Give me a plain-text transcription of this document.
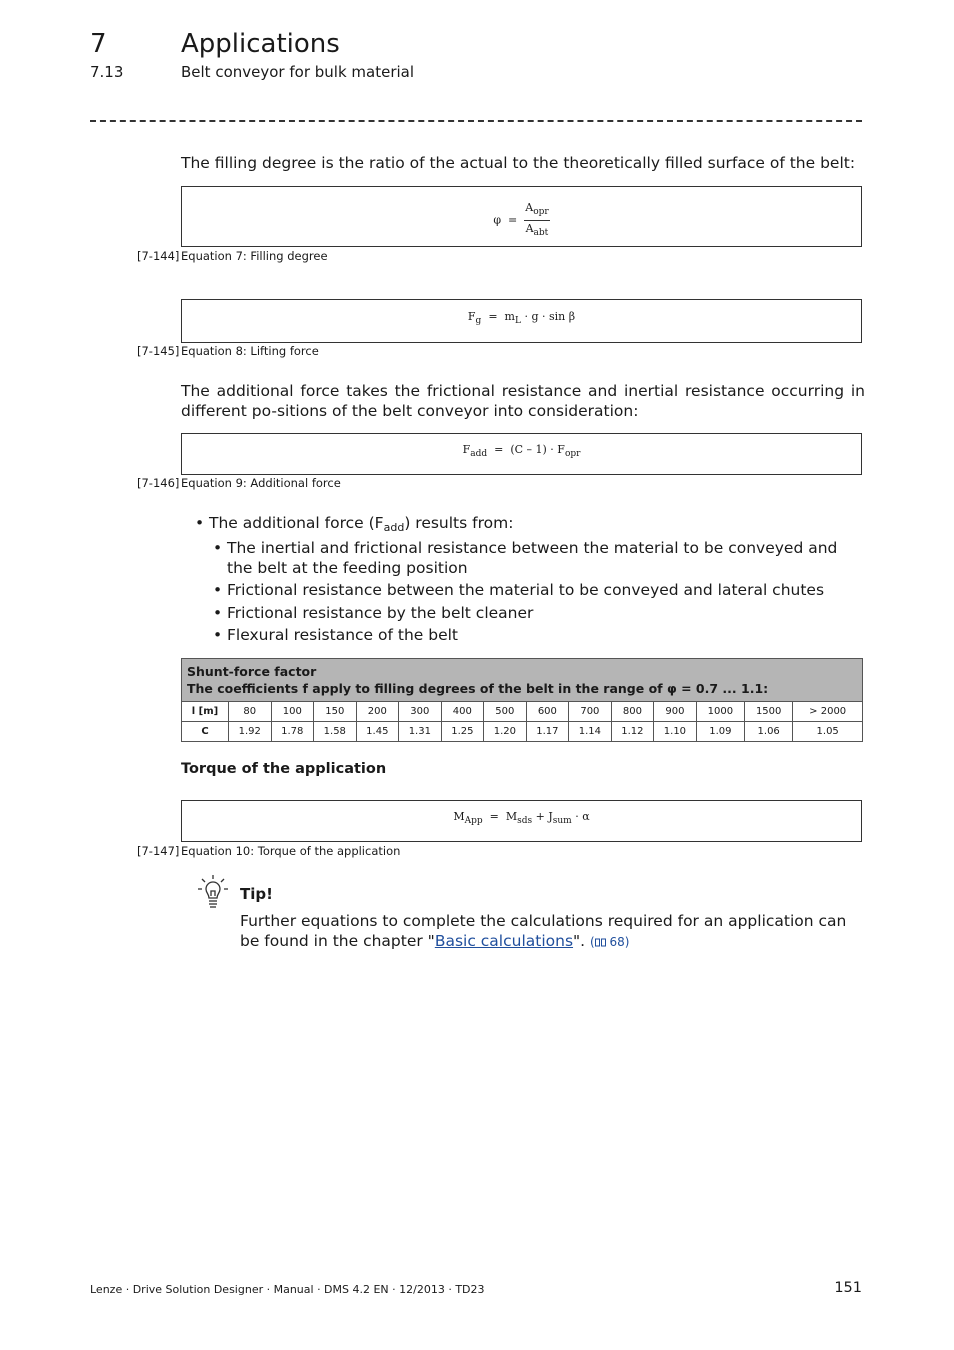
7	Applications
7.13	Belt conveyor for bulk material
The filling degree is the ratio of the actual to the theoretically filled surface of the belt:
$\varphi = \frac{A_{opr}}{A_{abt}}$
[7-144] Equation 7: Filling degree
$F_g = m_L \cdot g \cdot \sin \beta$
[7-145] Equation 8: Lifting force
The additional force takes the frictional resistance and inertial resistance occurring in different po-sitions of the belt conveyor into consideration:
$F_{add} = (C - 1) \cdot F_{opr}$
[7-146] Equation 9: Additional force
• The additional force $(F_{add})$ results from:
• The inertial and frictional resistance between the material to be conveyed and the belt at the feeding position
• Frictional resistance between the material to be conveyed and lateral chutes
• Frictional resistance by the belt cleaner
• Flexural resistance of the belt
Shunt-force factor
The coefficients f apply to filling degrees of the belt in the range of φ = 0.7 ... 1.1:														

l [m]	80	100	150	200	300	400	500	600	700	800	900	1000	1500	> 2000
C	1.92	1.78	1.58	1.45	1.31	1.25	1.20	1.17	1.14	1.12	1.10	1.09	1.06	1.05
Torque of the application
$M_{App} = M_{sds} + J_{sum} \cdot \alpha$
[7-147] Equation 10: Torque of the application
Tip!
Further equations to complete the calculations required for an application can be found in the chapter "Basic calculations". ( 68)
Lenze · Drive Solution Designer · Manual · DMS 4.2 EN · 12/2013 · TD23	151
